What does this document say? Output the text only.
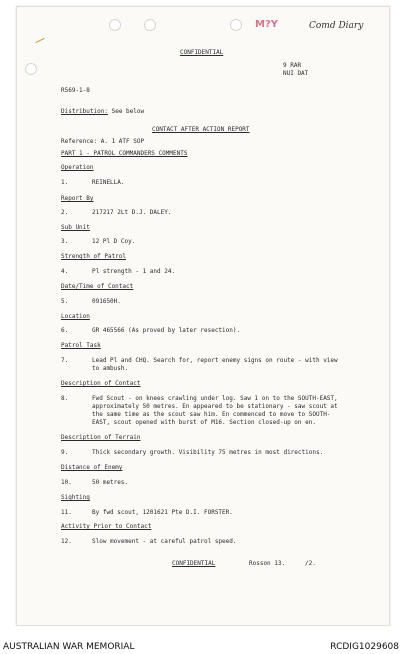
M?Y	Comd Diary
CONFIDENTIAL
9 RAR
NUI DAT
R569-1-8
Distribution: See below
CONTACT AFTER ACTION REPORT
Reference: A. 1 ATF SOP
PART 1 - PATROL COMMANDERS COMMENTS
Operation
1.	REINELLA.
Report By
2.	217217 2Lt D.J. DALEY.
Sub Unit
3.	12 Pl D Coy.
Strength of Patrol
4.	Pl strength - 1 and 24.
Date/Time of Contact
5.	091650H.
Location
6.	GR 465566 (As proved by later resection).
Patrol Task
7.	Lead Pl and CHQ. Search for, report enemy signs on route - with view
to ambush.
Description of Contact
8.	Fwd Scout - on knees crawling under log. Saw 1 on to the SOUTH-EAST,
approximately 50 metres. En appeared to be stationary - saw scout at
the same time as the scout saw him. En commenced to move to SOUTH-
EAST, scout opened with burst of M16. Section closed-up on en.
Description of Terrain
9.	Thick secondary growth. Visibility 75 metres in most directions.
Distance of Enemy
10.	50 metres.
Sighting
11.	By fwd scout, 1201621 Pte D.I. FORSTER.
Activity Prior to Contact
12.	Slow movement - at careful patrol speed.
CONFIDENTIAL	Rosson 13.	/2.
AUSTRALIAN WAR MEMORIAL	RCDIG1029608
